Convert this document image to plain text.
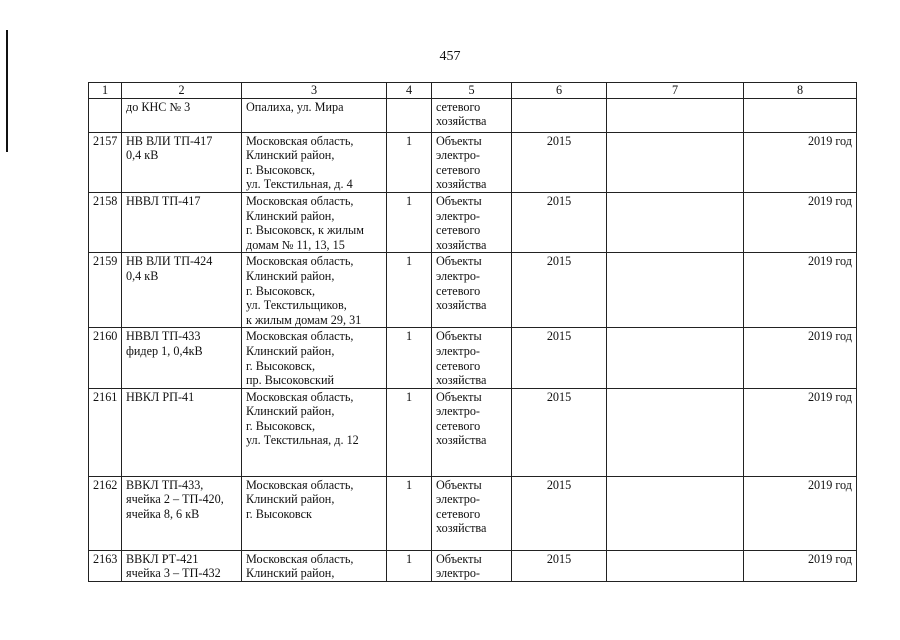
457
1	2	3	4	5	6	7	8

	до КНС № 3	Опалиха, ул. Мира		сетевого
хозяйства			

2157	НВ ВЛИ ТП-417
0,4 кВ	Московская область,
Клинский район,
г. Высоковск,
ул. Текстильная, д. 4	1	Объекты
электро-
сетевого
хозяйства	2015		2019 год
2158	НВВЛ ТП-417	Московская область,
Клинский район,
г. Высоковск, к жилым
домам № 11, 13, 15	1	Объекты
электро-
сетевого
хозяйства	2015		2019 год
2159	НВ ВЛИ ТП-424
0,4 кВ	Московская область,
Клинский район,
г. Высоковск,
ул. Текстильщиков,
к жилым домам 29, 31	1	Объекты
электро-
сетевого
хозяйства	2015		2019 год
2160	НВВЛ ТП-433
фидер 1, 0,4кВ	Московская область,
Клинский район,
г. Высоковск,
пр. Высоковский	1	Объекты
электро-
сетевого
хозяйства	2015		2019 год
2161	НВКЛ РП-41	Московская область,
Клинский район,
г. Высоковск,
ул. Текстильная, д. 12	1	Объекты
электро-
сетевого
хозяйства	2015		2019 год
2162	ВВКЛ ТП-433,
ячейка 2 – ТП-420,
ячейка 8, 6 кВ	Московская область,
Клинский район,
г. Высоковск	1	Объекты
электро-
сетевого
хозяйства	2015		2019 год
2163	ВВКЛ РТ-421
ячейка 3 – ТП-432	Московская область,
Клинский район,	1	Объекты
электро-	2015		2019 год
